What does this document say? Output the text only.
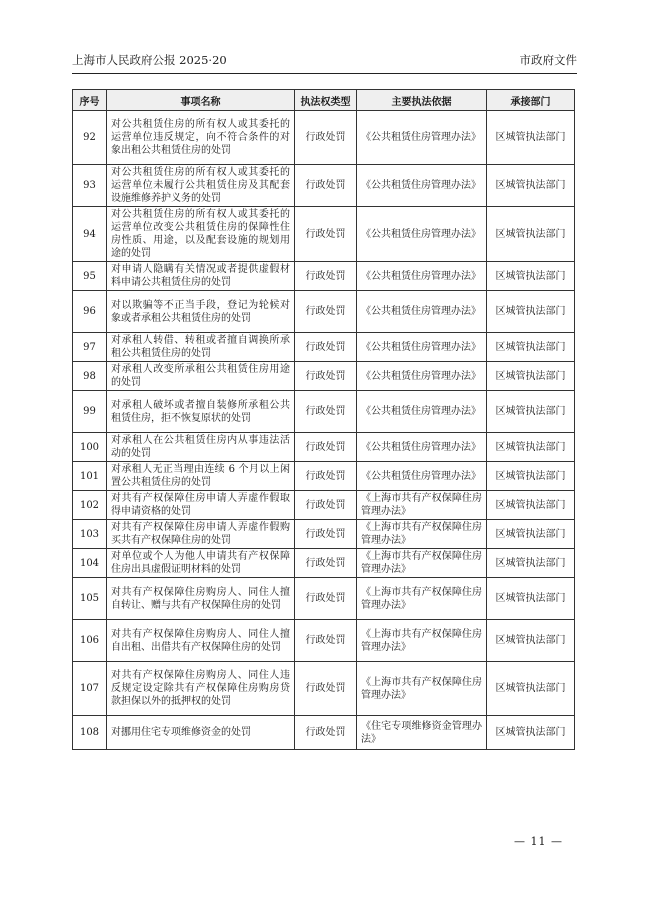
上海市人民政府公报 2025·20	市政府文件
序号	事项名称	执法权类型	主要执法依据	承接部门
92	对公共租赁住房的所有权人或其委托的运营单位违反规定，向不符合条件的对象出租公共租赁住房的处罚	行政处罚	《公共租赁住房管理办法》	区城管执法部门
93	对公共租赁住房的所有权人或其委托的运营单位未履行公共租赁住房及其配套设施维修养护义务的处罚	行政处罚	《公共租赁住房管理办法》	区城管执法部门
94	对公共租赁住房的所有权人或其委托的运营单位改变公共租赁住房的保障性住房性质、用途，以及配套设施的规划用途的处罚	行政处罚	《公共租赁住房管理办法》	区城管执法部门
95	对申请人隐瞒有关情况或者提供虚假材料申请公共租赁住房的处罚	行政处罚	《公共租赁住房管理办法》	区城管执法部门
96	对以欺骗等不正当手段，登记为轮候对象或者承租公共租赁住房的处罚	行政处罚	《公共租赁住房管理办法》	区城管执法部门
97	对承租人转借、转租或者擅自调换所承租公共租赁住房的处罚	行政处罚	《公共租赁住房管理办法》	区城管执法部门
98	对承租人改变所承租公共租赁住房用途的处罚	行政处罚	《公共租赁住房管理办法》	区城管执法部门
99	对承租人破坏或者擅自装修所承租公共租赁住房，拒不恢复原状的处罚	行政处罚	《公共租赁住房管理办法》	区城管执法部门
100	对承租人在公共租赁住房内从事违法活动的处罚	行政处罚	《公共租赁住房管理办法》	区城管执法部门
101	对承租人无正当理由连续 6 个月以上闲置公共租赁住房的处罚	行政处罚	《公共租赁住房管理办法》	区城管执法部门
102	对共有产权保障住房申请人弄虚作假取得申请资格的处罚	行政处罚	《上海市共有产权保障住房管理办法》	区城管执法部门
103	对共有产权保障住房申请人弄虚作假购买共有产权保障住房的处罚	行政处罚	《上海市共有产权保障住房管理办法》	区城管执法部门
104	对单位或个人为他人申请共有产权保障住房出具虚假证明材料的处罚	行政处罚	《上海市共有产权保障住房管理办法》	区城管执法部门
105	对共有产权保障住房购房人、同住人擅自转让、赠与共有产权保障住房的处罚	行政处罚	《上海市共有产权保障住房管理办法》	区城管执法部门
106	对共有产权保障住房购房人、同住人擅自出租、出借共有产权保障住房的处罚	行政处罚	《上海市共有产权保障住房管理办法》	区城管执法部门
107	对共有产权保障住房购房人、同住人违反规定设定除共有产权保障住房购房贷款担保以外的抵押权的处罚	行政处罚	《上海市共有产权保障住房管理办法》	区城管执法部门
108	对挪用住宅专项维修资金的处罚	行政处罚	《住宅专项维修资金管理办法》	区城管执法部门
— 11 —
